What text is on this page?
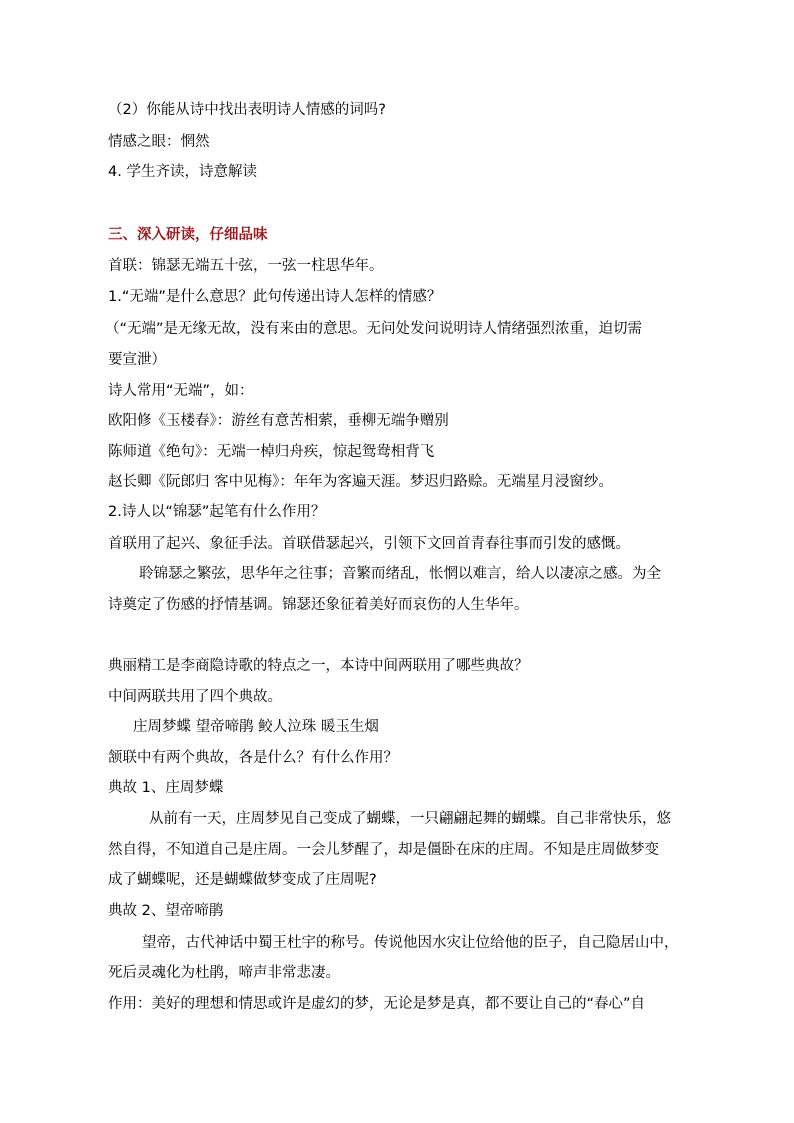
（2）你能从诗中找出表明诗人情感的词吗?
情感之眼：惘然
4. 学生齐读，诗意解读
三、深入研读，仔细品味
首联：锦瑟无端五十弦，一弦一柱思华年。
1.“无端”是什么意思？此句传递出诗人怎样的情感？
（“无端”是无缘无故，没有来由的意思。无问处发问说明诗人情绪强烈浓重，迫切需
要宣泄）
诗人常用“无端”，如：
欧阳修《玉楼春》：游丝有意苦相萦，垂柳无端争赠别
陈师道《绝句》：无端一棹归舟疾，惊起鸳鸯相背飞
赵长卿《阮郎归 客中见梅》：年年为客遍天涯。梦迟归路赊。无端星月浸窗纱。
2.诗人以“锦瑟”起笔有什么作用？
首联用了起兴、象征手法。首联借瑟起兴，引领下文回首青春往事而引发的感慨。
聆锦瑟之繁弦，思华年之往事；音繁而绪乱，怅惘以难言，给人以凄凉之感。为全
诗奠定了伤感的抒情基调。锦瑟还象征着美好而哀伤的人生华年。
典丽精工是李商隐诗歌的特点之一，本诗中间两联用了哪些典故？
中间两联共用了四个典故。
庄周梦蝶 望帝啼鹃 鲛人泣珠 暖玉生烟
颔联中有两个典故，各是什么？有什么作用？
典故 1、庄周梦蝶
从前有一天，庄周梦见自己变成了蝴蝶，一只翩翩起舞的蝴蝶。自己非常快乐，悠
然自得，不知道自己是庄周。一会儿梦醒了，却是僵卧在床的庄周。不知是庄周做梦变
成了蝴蝶呢，还是蝴蝶做梦变成了庄周呢?
典故 2、望帝啼鹃
望帝，古代神话中蜀王杜宇的称号。传说他因水灾让位给他的臣子，自己隐居山中，
死后灵魂化为杜鹃，啼声非常悲凄。
作用：美好的理想和情思或许是虚幻的梦，无论是梦是真，都不要让自己的“春心”自
